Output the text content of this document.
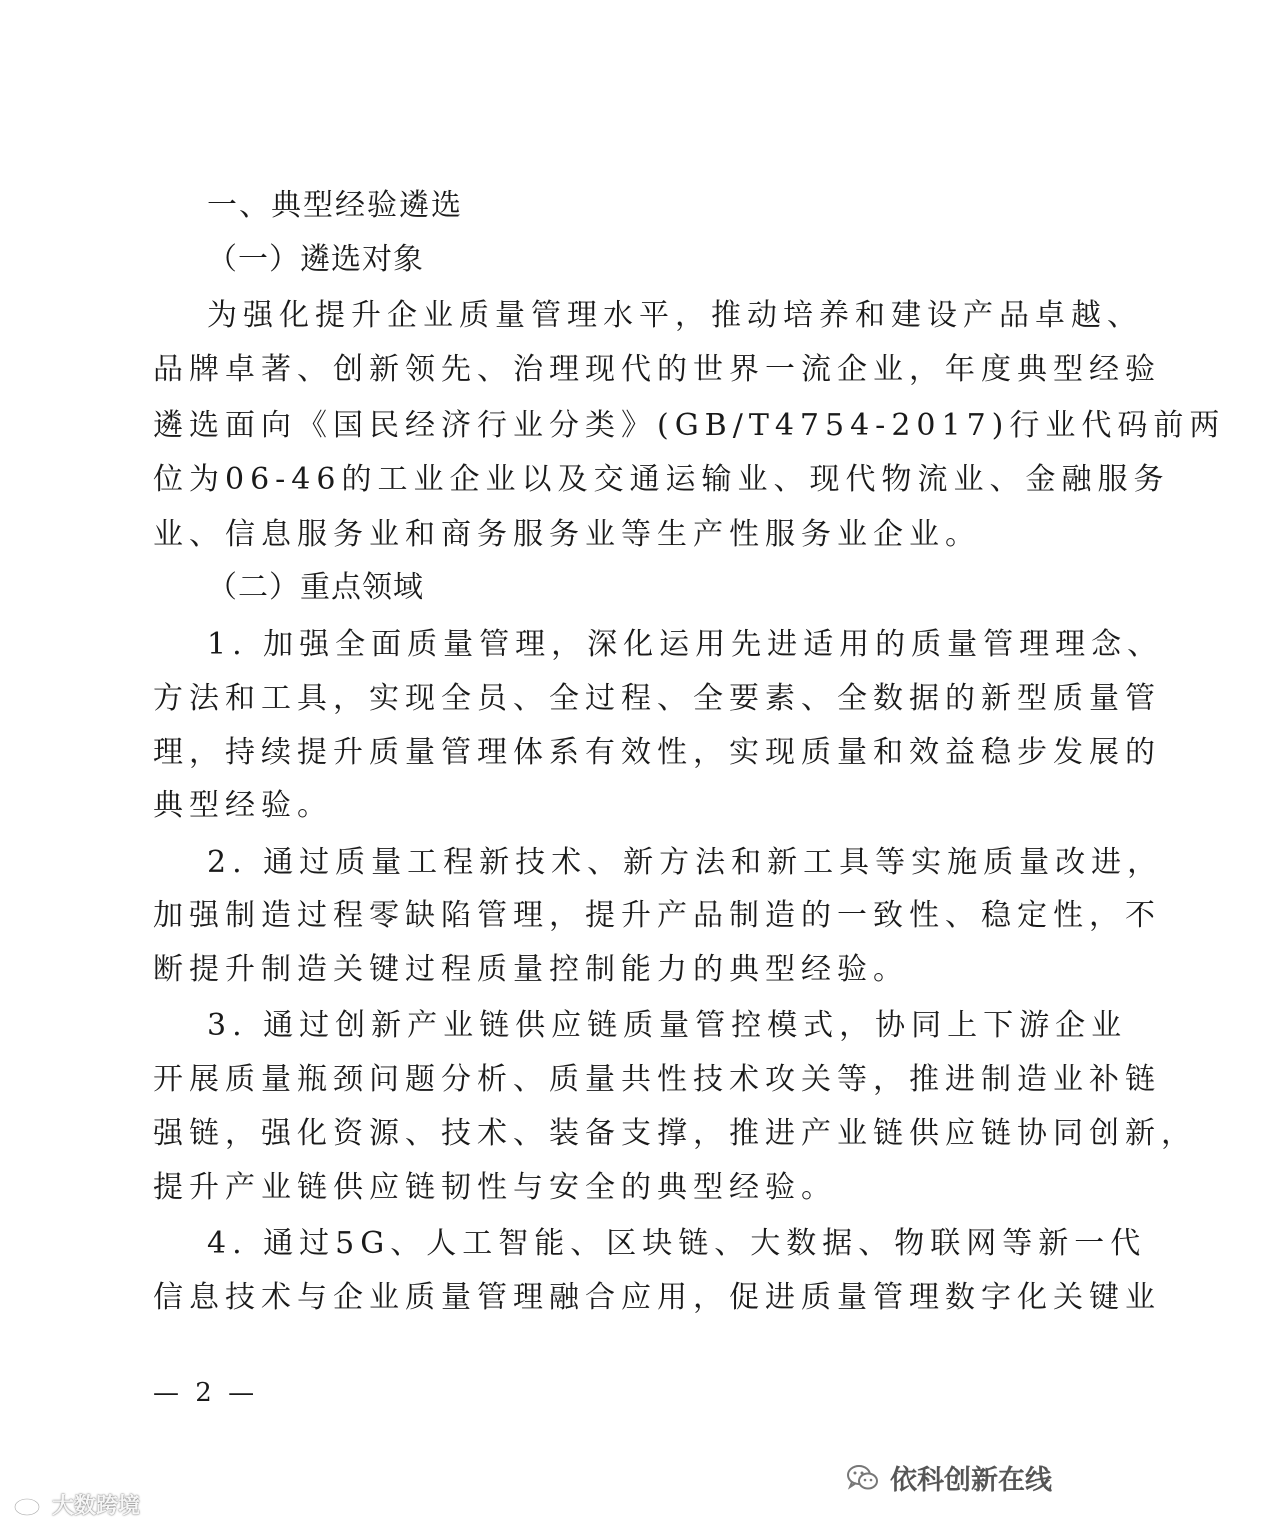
一、典型经验遴选
（一）遴选对象
为强化提升企业质量管理水平，推动培养和建设产品卓越、
品牌卓著、创新领先、治理现代的世界一流企业，年度典型经验
遴选面向《国民经济行业分类》(GB/T4754-2017)行业代码前两
位为06-46的工业企业以及交通运输业、现代物流业、金融服务
业、信息服务业和商务服务业等生产性服务业企业。
（二）重点领域
1. 加强全面质量管理，深化运用先进适用的质量管理理念、
方法和工具，实现全员、全过程、全要素、全数据的新型质量管
理，持续提升质量管理体系有效性，实现质量和效益稳步发展的
典型经验。
2. 通过质量工程新技术、新方法和新工具等实施质量改进，
加强制造过程零缺陷管理，提升产品制造的一致性、稳定性，不
断提升制造关键过程质量控制能力的典型经验。
3. 通过创新产业链供应链质量管控模式，协同上下游企业
开展质量瓶颈问题分析、质量共性技术攻关等，推进制造业补链
强链，强化资源、技术、装备支撑，推进产业链供应链协同创新，
提升产业链供应链韧性与安全的典型经验。
4. 通过5G、人工智能、区块链、大数据、物联网等新一代
信息技术与企业质量管理融合应用，促进质量管理数字化关键业
— 2 —
依科创新在线
大数跨境
